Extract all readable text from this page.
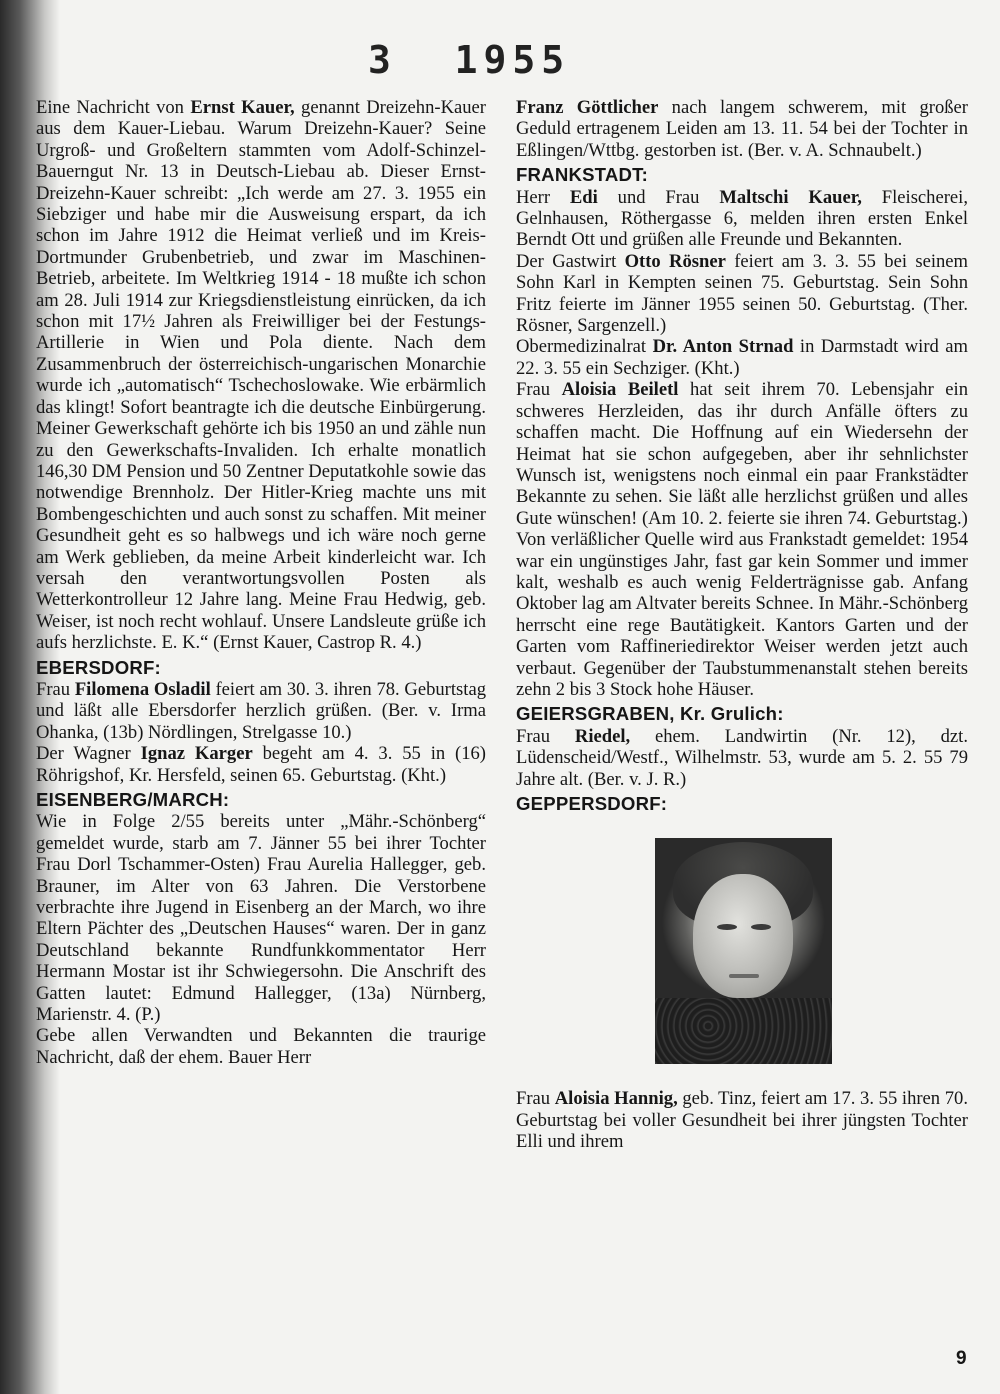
3  1955

Eine Nachricht von Ernst Kauer, genannt Dreizehn-Kauer aus dem Kauer-Liebau. Warum Dreizehn-Kauer? Seine Urgroß- und Großeltern stammten vom Adolf-Schinzel-Bauerngut Nr. 13 in Deutsch-Liebau ab. Dieser Ernst-Dreizehn-Kauer schreibt: „Ich werde am 27. 3. 1955 ein Siebziger und habe mir die Ausweisung erspart, da ich schon im Jahre 1912 die Heimat verließ und im Kreis-Dortmunder Grubenbetrieb, und zwar im Maschinen-Betrieb, arbeitete. Im Weltkrieg 1914 - 18 mußte ich schon am 28. Juli 1914 zur Kriegsdienstleistung einrücken, da ich schon mit 17½ Jahren als Freiwilliger bei der Festungs-Artillerie in Wien und Pola diente. Nach dem Zusammenbruch der österreichisch-ungarischen Monarchie wurde ich „automatisch“ Tschechoslowake. Wie erbärmlich das klingt! Sofort beantragte ich die deutsche Einbürgerung. Meiner Gewerkschaft gehörte ich bis 1950 an und zähle nun zu den Gewerkschafts-Invaliden. Ich erhalte monatlich 146,30 DM Pension und 50 Zentner Deputatkohle sowie das notwendige Brennholz. Der Hitler-Krieg machte uns mit Bombengeschichten und auch sonst zu schaffen. Mit meiner Gesundheit geht es so halbwegs und ich wäre noch gerne am Werk geblieben, da meine Arbeit kinderleicht war. Ich versah den verantwortungsvollen Posten als Wetterkontrolleur 12 Jahre lang. Meine Frau Hedwig, geb. Weiser, ist noch recht wohlauf. Unsere Landsleute grüße ich aufs herzlichste. E. K.“ (Ernst Kauer, Castrop R. 4.)

EBERSDORF:

Frau Filomena Osladil feiert am 30. 3. ihren 78. Geburtstag und läßt alle Ebersdorfer herzlich grüßen. (Ber. v. Irma Ohanka, (13b) Nördlingen, Strelgasse 10.)

Der Wagner Ignaz Karger begeht am 4. 3. 55 in (16) Röhrigshof, Kr. Hersfeld, seinen 65. Geburtstag. (Kht.)

EISENBERG/MARCH:

Wie in Folge 2/55 bereits unter „Mähr.-Schönberg“ gemeldet wurde, starb am 7. Jänner 55 bei ihrer Tochter Frau Dorl Tschammer-Osten) Frau Aurelia Hallegger, geb. Brauner, im Alter von 63 Jahren. Die Verstorbene verbrachte ihre Jugend in Eisenberg an der March, wo ihre Eltern Pächter des „Deutschen Hauses“ waren. Der in ganz Deutschland bekannte Rundfunkkommentator Herr Hermann Mostar ist ihr Schwiegersohn. Die Anschrift des Gatten lautet: Edmund Hallegger, (13a) Nürnberg, Marienstr. 4. (P.)

Gebe allen Verwandten und Bekannten die traurige Nachricht, daß der ehem. Bauer Herr

Franz Göttlicher nach langem schwerem, mit großer Geduld ertragenem Leiden am 13. 11. 54 bei der Tochter in Eßlingen/Wttbg. gestorben ist. (Ber. v. A. Schnaubelt.)

FRANKSTADT:

Herr Edi und Frau Maltschi Kauer, Fleischerei, Gelnhausen, Röthergasse 6, melden ihren ersten Enkel Berndt Ott und grüßen alle Freunde und Bekannten.

Der Gastwirt Otto Rösner feiert am 3. 3. 55 bei seinem Sohn Karl in Kempten seinen 75. Geburtstag. Sein Sohn Fritz feierte im Jänner 1955 seinen 50. Geburtstag. (Ther. Rösner, Sargenzell.)

Obermedizinalrat Dr. Anton Strnad in Darmstadt wird am 22. 3. 55 ein Sechziger. (Kht.)

Frau Aloisia Beiletl hat seit ihrem 70. Lebensjahr ein schweres Herzleiden, das ihr durch Anfälle öfters zu schaffen macht. Die Hoffnung auf ein Wiedersehn der Heimat hat sie schon aufgegeben, aber ihr sehnlichster Wunsch ist, wenigstens noch einmal ein paar Frankstädter Bekannte zu sehen. Sie läßt alle herzlichst grüßen und alles Gute wünschen! (Am 10. 2. feierte sie ihren 74. Geburtstag.)

Von verläßlicher Quelle wird aus Frankstadt gemeldet: 1954 war ein ungünstiges Jahr, fast gar kein Sommer und immer kalt, weshalb es auch wenig Felderträgnisse gab. Anfang Oktober lag am Altvater bereits Schnee. In Mähr.-Schönberg herrscht eine rege Bautätigkeit. Kantors Garten und der Garten vom Raffineriedirektor Weiser werden jetzt auch verbaut. Gegenüber der Taubstummenanstalt stehen bereits zehn 2 bis 3 Stock hohe Häuser.

GEIERSGRABEN, Kr. Grulich:

Frau Riedel, ehem. Landwirtin (Nr. 12), dzt. Lüdenscheid/Westf., Wilhelmstr. 53, wurde am 5. 2. 55 79 Jahre alt. (Ber. v. J. R.)

GEPPERSDORF:

Frau Aloisia Hannig, geb. Tinz, feiert am 17. 3. 55 ihren 70. Geburtstag bei voller Gesundheit bei ihrer jüngsten Tochter Elli und ihrem

9
